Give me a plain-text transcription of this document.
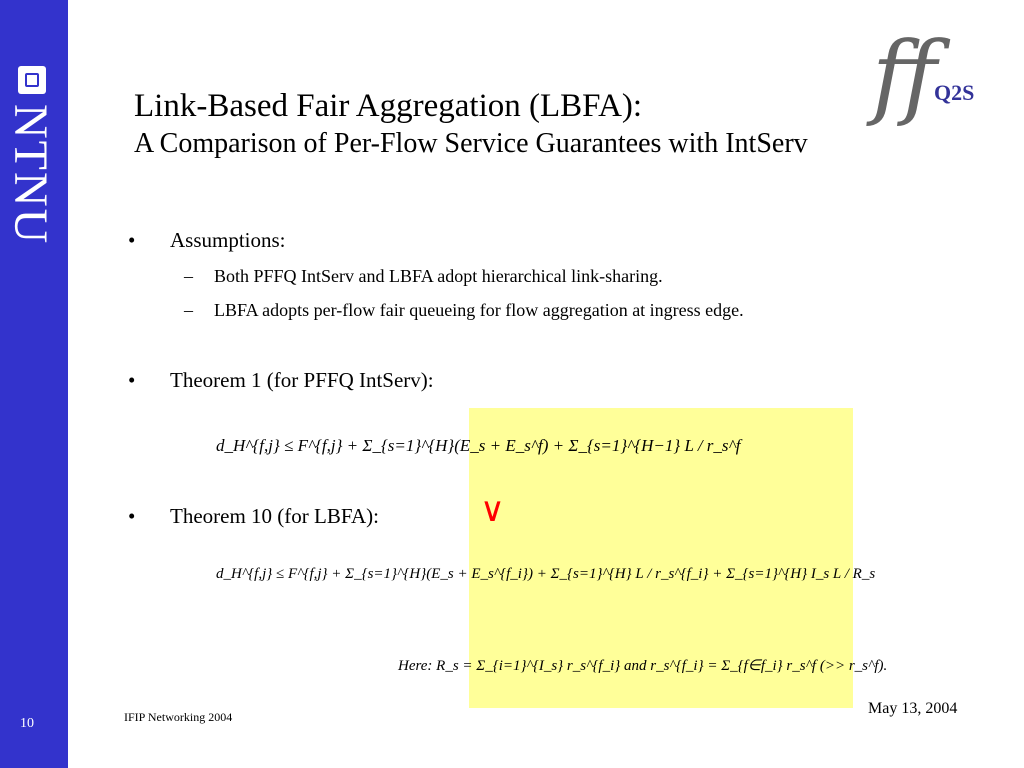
NTNU
10
ff
Q2S
Link-Based Fair Aggregation (LBFA):
A Comparison of Per-Flow Service Guarantees with IntServ
• Assumptions:
– Both PFFQ IntServ and LBFA adopt hierarchical link-sharing.
– LBFA adopts per-flow fair queueing for flow aggregation at ingress edge.
• Theorem 1 (for PFFQ IntServ):
• Theorem 10 (for LBFA):
d_H^{f,j} ≤ F^{f,j} + Σ_{s=1}^{H}(E_s + E_s^f) + Σ_{s=1}^{H−1} L / r_s^f
∨
d_H^{f,j} ≤ F^{f,j} + Σ_{s=1}^{H}(E_s + E_s^{f_i}) + Σ_{s=1}^{H} L / r_s^{f_i} + Σ_{s=1}^{H} I_s L / R_s
Here: R_s = Σ_{i=1}^{I_s} r_s^{f_i} and r_s^{f_i} = Σ_{f∈f_i} r_s^f (>> r_s^f).
IFIP Networking 2004	May 13, 2004
